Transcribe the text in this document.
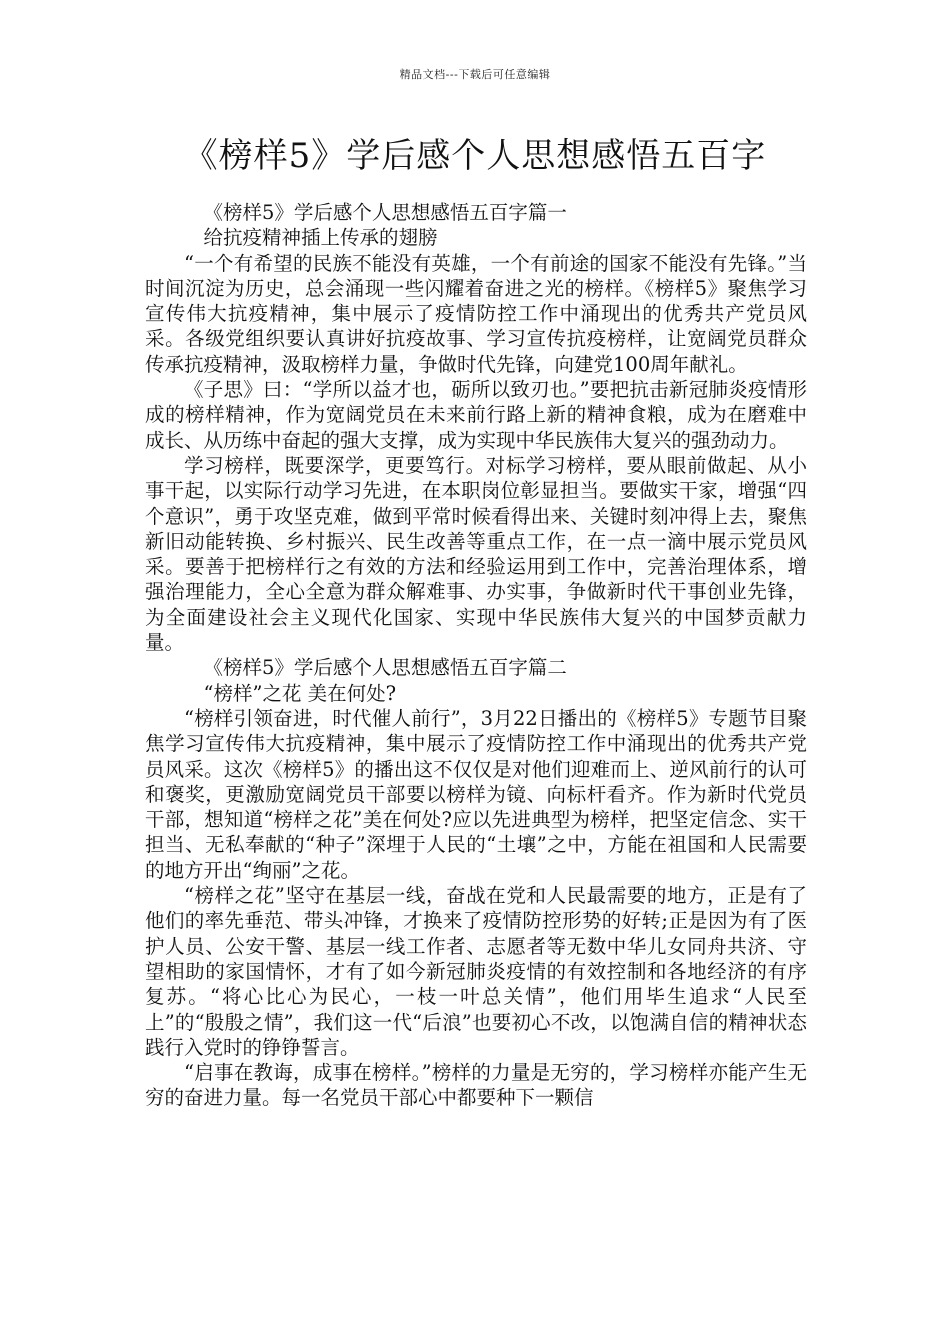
精品文档---下载后可任意编辑
《榜样5》学后感个人思想感悟五百字

《榜样5》学后感个人思想感悟五百字篇一

给抗疫精神插上传承的翅膀

“一个有希望的民族不能没有英雄，一个有前途的国家不能没有先锋。”当时间沉淀为历史，总会涌现一些闪耀着奋进之光的榜样。《榜样5》聚焦学习宣传伟大抗疫精神，集中展示了疫情防控工作中涌现出的优秀共产党员风采。各级党组织要认真讲好抗疫故事、学习宣传抗疫榜样，让宽阔党员群众传承抗疫精神，汲取榜样力量，争做时代先锋，向建党100周年献礼。

《子思》曰：“学所以益才也，砺所以致刃也。”要把抗击新冠肺炎疫情形成的榜样精神，作为宽阔党员在未来前行路上新的精神食粮，成为在磨难中成长、从历练中奋起的强大支撑，成为实现中华民族伟大复兴的强劲动力。

学习榜样，既要深学，更要笃行。对标学习榜样，要从眼前做起、从小事干起，以实际行动学习先进，在本职岗位彰显担当。要做实干家，增强“四个意识”，勇于攻坚克难，做到平常时候看得出来、关键时刻冲得上去，聚焦新旧动能转换、乡村振兴、民生改善等重点工作，在一点一滴中展示党员风采。要善于把榜样行之有效的方法和经验运用到工作中，完善治理体系，增强治理能力，全心全意为群众解难事、办实事，争做新时代干事创业先锋，为全面建设社会主义现代化国家、实现中华民族伟大复兴的中国梦贡献力量。

《榜样5》学后感个人思想感悟五百字篇二

“榜样”之花 美在何处?

“榜样引领奋进，时代催人前行”，3月22日播出的《榜样5》专题节目聚焦学习宣传伟大抗疫精神，集中展示了疫情防控工作中涌现出的优秀共产党员风采。这次《榜样5》的播出这不仅仅是对他们迎难而上、逆风前行的认可和褒奖，更激励宽阔党员干部要以榜样为镜、向标杆看齐。作为新时代党员干部，想知道“榜样之花”美在何处?应以先进典型为榜样，把坚定信念、实干担当、无私奉献的“种子”深埋于人民的“土壤”之中，方能在祖国和人民需要的地方开出“绚丽”之花。

“榜样之花”坚守在基层一线，奋战在党和人民最需要的地方，正是有了他们的率先垂范、带头冲锋，才换来了疫情防控形势的好转;正是因为有了医护人员、公安干警、基层一线工作者、志愿者等无数中华儿女同舟共济、守望相助的家国情怀，才有了如今新冠肺炎疫情的有效控制和各地经济的有序复苏。“将心比心为民心，一枝一叶总关情”，他们用毕生追求“人民至上”的“殷殷之情”，我们这一代“后浪”也要初心不改，以饱满自信的精神状态践行入党时的铮铮誓言。

“启事在教诲，成事在榜样。”榜样的力量是无穷的，学习榜样亦能产生无穷的奋进力量。每一名党员干部心中都要种下一颗信
